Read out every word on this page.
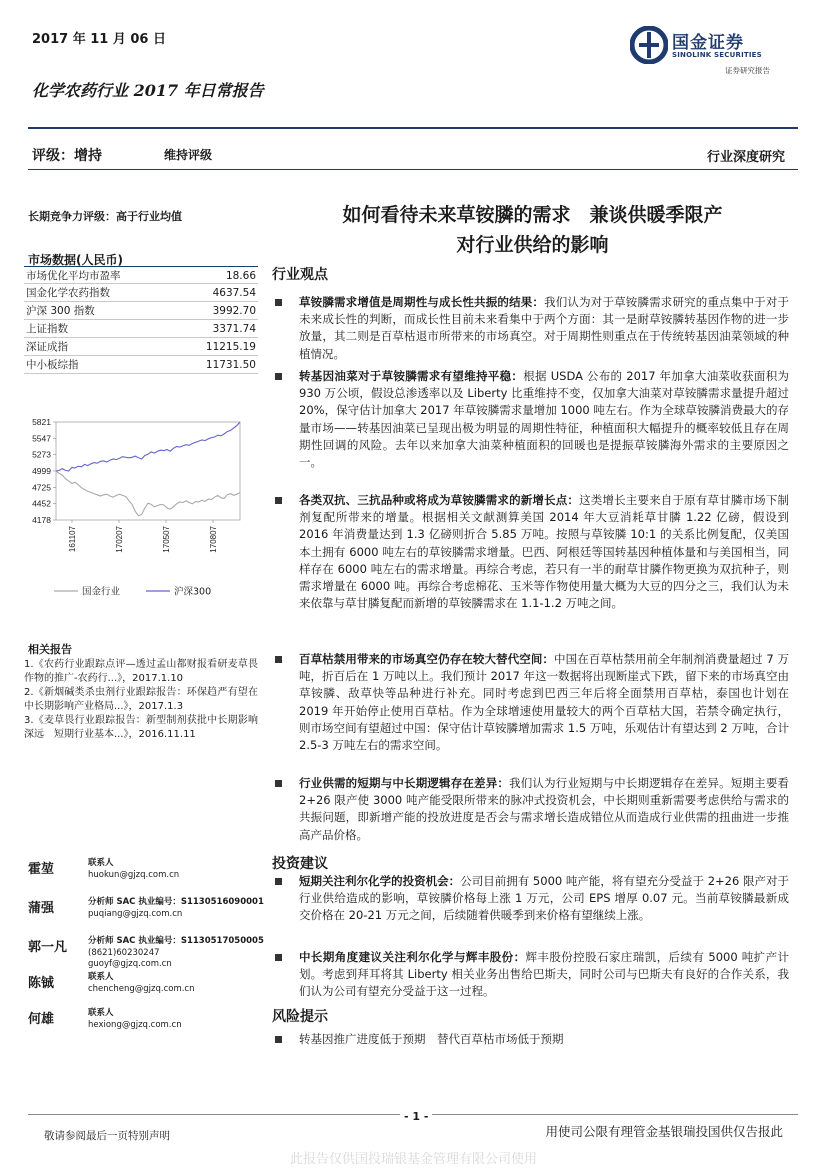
2017 年 11 月 06 日
化学农药行业 2017 年日常报告
国金证券
SINOLINK SECURITIES
证券研究报告
评级：增持	维持评级	行业深度研究
长期竞争力评级：高于行业均值
市场数据(人民币)
市场优化平均市盈率	18.66
国金化学农药指数	4637.54
沪深 300 指数	3992.70
上证指数	3371.74
深证成指	11215.19
中小板综指	11731.50
5821
5547
5273
4999
4725
4452
4178
161107	170207	170507	170807
国金行业	沪深300
相关报告
1.《农药行业跟踪点评—透过孟山都财报看研麦草畏作物的推广-农药行...》，2017.1.10
2.《新烟碱类杀虫剂行业跟踪报告：环保趋严有望在中长期影响产业格局...》，2017.1.3
3.《麦草畏行业跟踪报告：新型制剂获批中长期影响深远　短期行业基本...》，2016.11.11
霍堃	联系人
huokun@gjzq.com.cn
蒲强	分析师 SAC 执业编号：S1130516090001
puqiang@gjzq.com.cn
郭一凡 分析师 SAC 执业编号：S1130517050005
(8621)60230247
guoyf@gjzq.com.cn
陈铖	联系人
chencheng@gjzq.com.cn
何雄	联系人
hexiong@gjzq.com.cn
如何看待未来草铵膦的需求　兼谈供暖季限产
对行业供给的影响
行业观点
草铵膦需求增值是周期性与成长性共振的结果：我们认为对于草铵膦需求研究的重点集中于对于未来成长性的判断，而成长性目前未来看集中于两个方面：其一是耐草铵膦转基因作物的进一步放量，其二则是百草枯退市所带来的市场真空。对于周期性则重点在于传统转基因油菜领域的种植情况。
转基因油菜对于草铵膦需求有望维持平稳：根据 USDA 公布的 2017 年加拿大油菜收获面积为 930 万公顷，假设总渗透率以及 Liberty 比重维持不变，仅加拿大油菜对草铵膦需求量提升超过 20%，保守估计加拿大 2017 年草铵膦需求量增加 1000 吨左右。作为全球草铵膦消费最大的存量市场——转基因油菜已呈现出极为明显的周期性特征，种植面积大幅提升的概率较低且存在周期性回调的风险。去年以来加拿大油菜种植面积的回暖也是提振草铵膦海外需求的主要原因之一。
各类双抗、三抗品种或将成为草铵膦需求的新增长点：这类增长主要来自于原有草甘膦市场下制剂复配所带来的增量。根据相关文献测算美国 2014 年大豆消耗草甘膦 1.22 亿磅，假设到 2016 年消费量达到 1.3 亿磅则折合 5.85 万吨。按照与草铵膦 10:1 的关系比例复配，仅美国本土拥有 6000 吨左右的草铵膦需求增量。巴西、阿根廷等国转基因种植体量和与美国相当，同样存在 6000 吨左右的需求增量。再综合考虑，若只有一半的耐草甘膦作物更换为双抗种子，则需求增量在 6000 吨。再综合考虑棉花、玉米等作物使用量大概为大豆的四分之三，我们认为未来依靠与草甘膦复配而新增的草铵膦需求在 1.1-1.2 万吨之间。
百草枯禁用带来的市场真空仍存在较大替代空间：中国在百草枯禁用前全年制剂消费量超过 7 万吨，折百后在 1 万吨以上。我们预计 2017 年这一数据将出现断崖式下跌，留下来的市场真空由草铵膦、敌草快等品种进行补充。同时考虑到巴西三年后将全面禁用百草枯，泰国也计划在 2019 年开始停止使用百草枯。作为全球增速使用量较大的两个百草枯大国，若禁令确定执行，则市场空间有望超过中国：保守估计草铵膦增加需求 1.5 万吨，乐观估计有望达到 2 万吨，合计 2.5-3 万吨左右的需求空间。
行业供需的短期与中长期逻辑存在差异：我们认为行业短期与中长期逻辑存在差异。短期主要看 2+26 限产使 3000 吨产能受限所带来的脉冲式投资机会，中长期则重新需要考虑供给与需求的共振问题，即新增产能的投放进度是否会与需求增长造成错位从而造成行业供需的扭曲进一步推高产品价格。
投资建议
短期关注利尔化学的投资机会：公司目前拥有 5000 吨产能，将有望充分受益于 2+26 限产对于行业供给造成的影响，草铵膦价格每上涨 1 万元，公司 EPS 增厚 0.07 元。当前草铵膦最新成交价格在 20-21 万元之间，后续随着供暖季到来价格有望继续上涨。
中长期角度建议关注利尔化学与辉丰股份：辉丰股份控股石家庄瑞凯，后续有 5000 吨扩产计划。考虑到拜耳将其 Liberty 相关业务出售给巴斯夫，同时公司与巴斯夫有良好的合作关系，我们认为公司有望充分受益于这一过程。
风险提示
转基因推广进度低于预期　替代百草枯市场低于预期
- 1 -
敬请参阅最后一页特别声明	用使司公限有理管金基银瑞投国供仅告报此
此报告仅供国投瑞银基金管理有限公司使用
